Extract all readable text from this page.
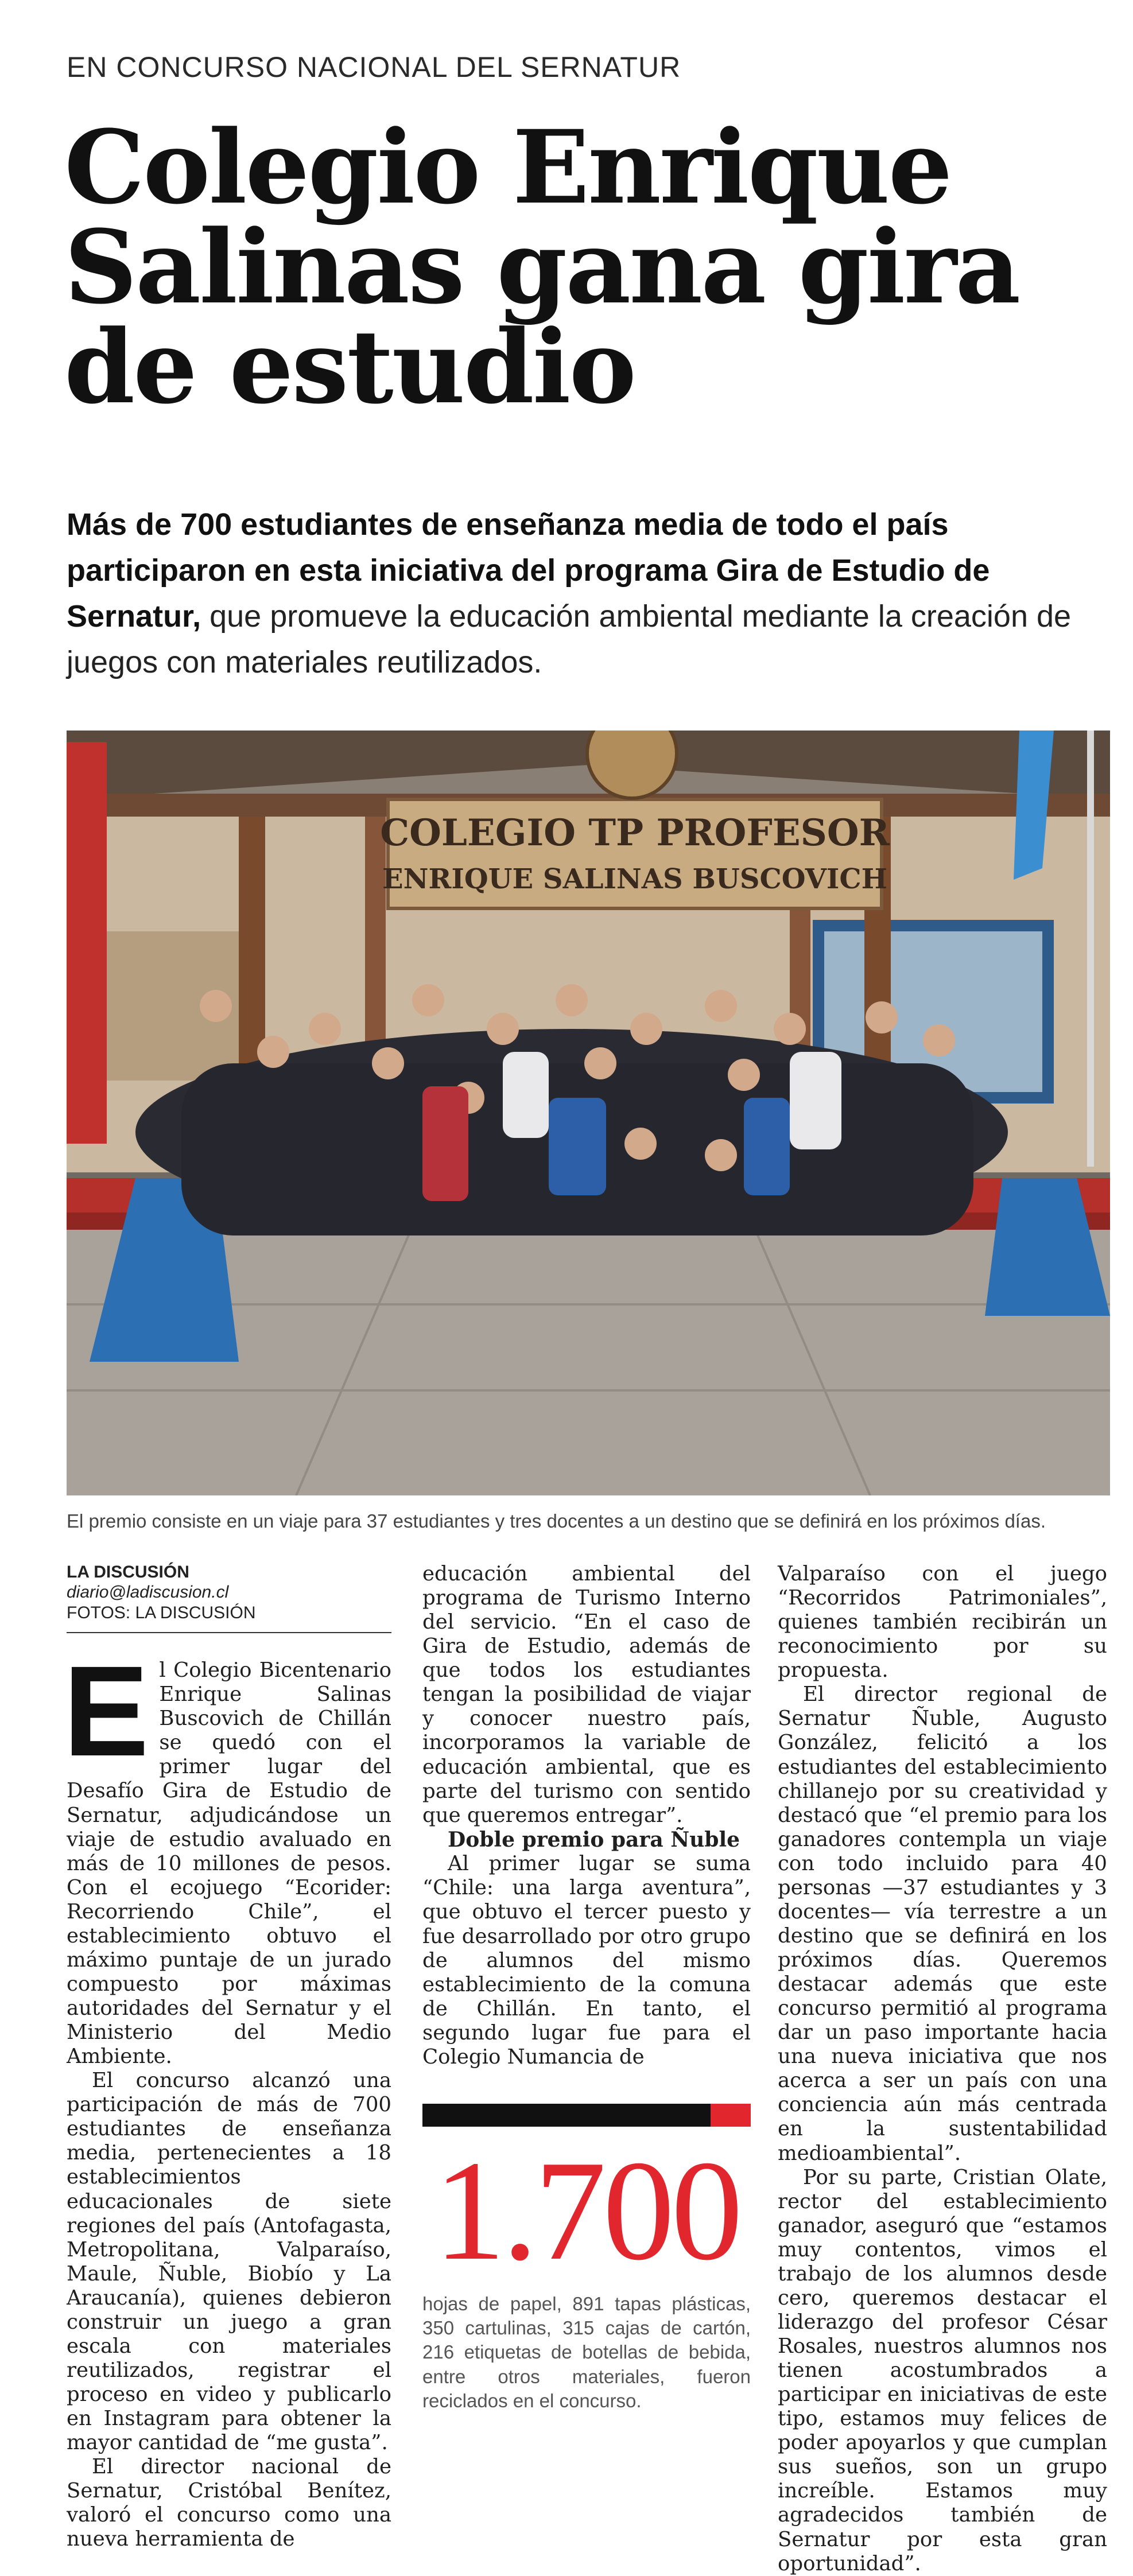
EN CONCURSO NACIONAL DEL SERNATUR
Colegio Enrique Salinas gana gira de estudio
Más de 700 estudiantes de enseñanza media de todo el país participaron en esta iniciativa del programa Gira de Estudio de Sernatur, que promueve la educación ambiental mediante la creación de juegos con materiales reutilizados.
COLEGIO TP PROFESOR
ENRIQUE SALINAS BUSCOVICH
El premio consiste en un viaje para 37 estudiantes y tres docentes a un destino que se definirá en los próximos días.
LA DISCUSIÓN
diario@ladiscusion.cl
FOTOS: LA DISCUSIÓN

El Colegio Bicentenario Enrique Salinas Buscovich de Chillán se quedó con el primer lugar del Desafío Gira de Estudio de Sernatur, adjudicándose un viaje de estudio avaluado en más de 10 millones de pesos. Con el ecojuego “Ecorider: Recorriendo Chile”, el establecimiento obtuvo el máximo puntaje de un jurado compuesto por máximas autoridades del Sernatur y el Ministerio del Medio Ambiente.

El concurso alcanzó una participación de más de 700 estudiantes de enseñanza media, pertenecientes a 18 establecimientos educacionales de siete regiones del país (Antofagasta, Metropolitana, Valparaíso, Maule, Ñuble, Biobío y La Araucanía), quienes debieron construir un juego a gran escala con materiales reutilizados, registrar el proceso en video y publicarlo en Instagram para obtener la mayor cantidad de “me gusta”.

El director nacional de Sernatur, Cristóbal Benítez, valoró el concurso como una nueva herramienta de

educación ambiental del programa de Turismo Interno del servicio. “En el caso de Gira de Estudio, además de que todos los estudiantes tengan la posibilidad de viajar y conocer nuestro país, incorporamos la variable de educación ambiental, que es parte del turismo con sentido que queremos entregar”.

Doble premio para Ñuble

Al primer lugar se suma “Chile: una larga aventura”, que obtuvo el tercer puesto y fue desarrollado por otro grupo de alumnos del mismo establecimiento de la comuna de Chillán. En tanto, el segundo lugar fue para el Colegio Numancia de

1.700
hojas de papel, 891 tapas plásticas, 350 cartulinas, 315 cajas de cartón, 216 etiquetas de botellas de bebida, entre otros materiales, fueron reciclados en el concurso.

Valparaíso con el juego “Recorridos Patrimoniales”, quienes también recibirán un reconocimiento por su propuesta.

El director regional de Sernatur Ñuble, Augusto González, felicitó a los estudiantes del establecimiento chillanejo por su creatividad y destacó que “el premio para los ganadores contempla un viaje con todo incluido para 40 personas —37 estudiantes y 3 docentes— vía terrestre a un destino que se definirá en los próximos días. Queremos destacar además que este concurso permitió al programa dar un paso importante hacia una nueva iniciativa que nos acerca a ser un país con una conciencia aún más centrada en la sustentabilidad medioambiental”.

Por su parte, Cristian Olate, rector del establecimiento ganador, aseguró que “estamos muy contentos, vimos el trabajo de los alumnos desde cero, queremos destacar el liderazgo del profesor César Rosales, nuestros alumnos nos tienen acostumbrados a participar en iniciativas de este tipo, estamos muy felices de poder apoyarlos y que cumplan sus sueños, son un grupo increíble. Estamos muy agradecidos también de Sernatur por esta gran oportunidad”.
